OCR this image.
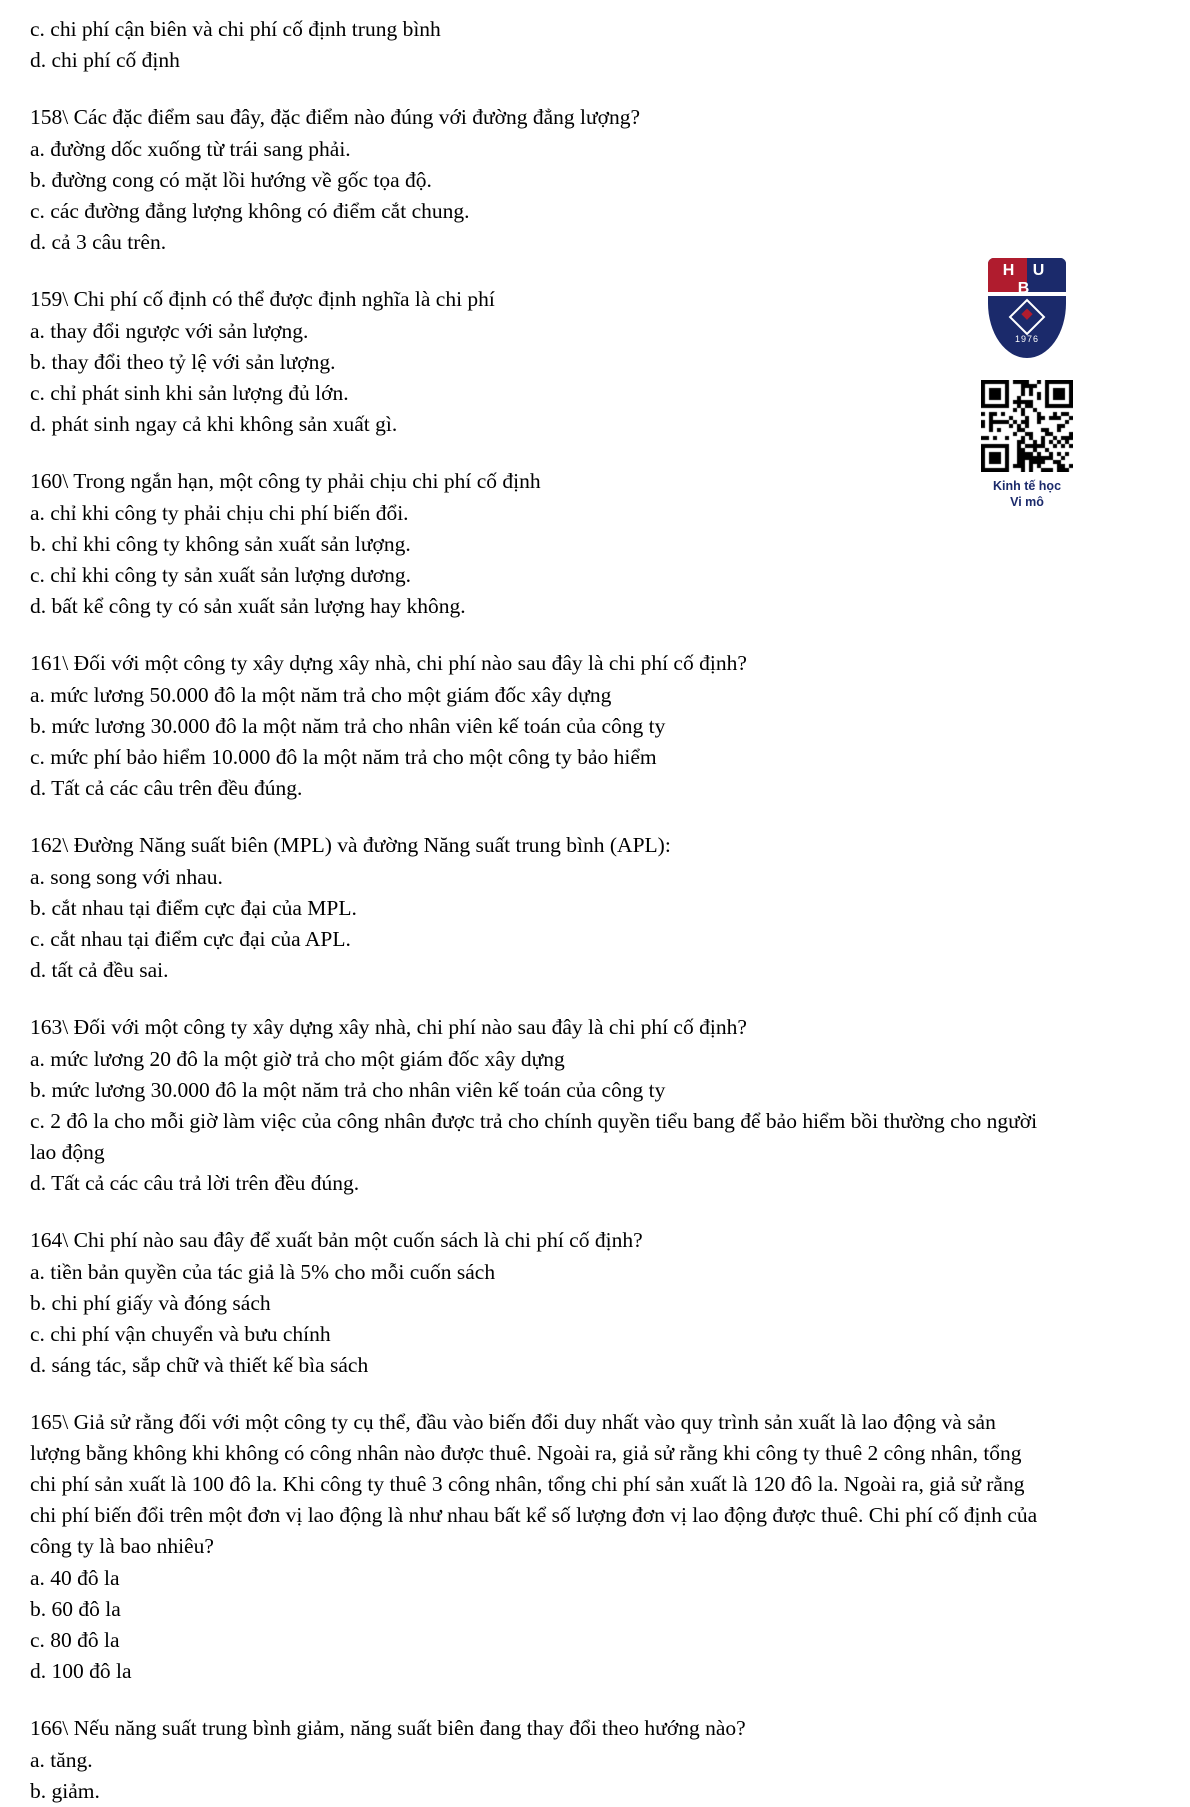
c. chi phí cận biên và chi phí cố định trung bình
d. chi phí cố định
158\ Các đặc điểm sau đây, đặc điểm nào đúng với đường đẳng lượng?
a. đường dốc xuống từ trái sang phải.
b. đường cong có mặt lồi hướng về gốc tọa độ.
c. các đường đẳng lượng không có điểm cắt chung.
d. cả 3 câu trên.
159\ Chi phí cố định có thể được định nghĩa là chi phí
a. thay đổi ngược với sản lượng.
b. thay đổi theo tỷ lệ với sản lượng.
c. chỉ phát sinh khi sản lượng đủ lớn.
d. phát sinh ngay cả khi không sản xuất gì.
160\ Trong ngắn hạn, một công ty phải chịu chi phí cố định
a. chỉ khi công ty phải chịu chi phí biến đổi.
b. chỉ khi công ty không sản xuất sản lượng.
c. chỉ khi công ty sản xuất sản lượng dương.
d. bất kể công ty có sản xuất sản lượng hay không.
161\ Đối với một công ty xây dựng xây nhà, chi phí nào sau đây là chi phí cố định?
a. mức lương 50.000 đô la một năm trả cho một giám đốc xây dựng
b. mức lương 30.000 đô la một năm trả cho nhân viên kế toán của công ty
c. mức phí bảo hiểm 10.000 đô la một năm trả cho một công ty bảo hiểm
d. Tất cả các câu trên đều đúng.
162\ Đường Năng suất biên (MPL) và đường Năng suất trung bình (APL):
a. song song với nhau.
b. cắt nhau tại điểm cực đại của MPL.
c. cắt nhau tại điểm cực đại của APL.
d. tất cả đều sai.
163\ Đối với một công ty xây dựng xây nhà, chi phí nào sau đây là chi phí cố định?
a. mức lương 20 đô la một giờ trả cho một giám đốc xây dựng
b. mức lương 30.000 đô la một năm trả cho nhân viên kế toán của công ty
c. 2 đô la cho mỗi giờ làm việc của công nhân được trả cho chính quyền tiểu bang để bảo hiểm bồi thường cho người lao động
d. Tất cả các câu trả lời trên đều đúng.
164\ Chi phí nào sau đây để xuất bản một cuốn sách là chi phí cố định?
a. tiền bản quyền của tác giả là 5% cho mỗi cuốn sách
b. chi phí giấy và đóng sách
c. chi phí vận chuyển và bưu chính
d. sáng tác, sắp chữ và thiết kế bìa sách
165\ Giả sử rằng đối với một công ty cụ thể, đầu vào biến đổi duy nhất vào quy trình sản xuất là lao động và sản lượng bằng không khi không có công nhân nào được thuê. Ngoài ra, giả sử rằng khi công ty thuê 2 công nhân, tổng chi phí sản xuất là 100 đô la. Khi công ty thuê 3 công nhân, tổng chi phí sản xuất là 120 đô la. Ngoài ra, giả sử rằng chi phí biến đổi trên một đơn vị lao động là như nhau bất kể số lượng đơn vị lao động được thuê. Chi phí cố định của công ty là bao nhiêu?
a. 40 đô la
b. 60 đô la
c. 80 đô la
d. 100 đô la
166\ Nếu năng suất trung bình giảm, năng suất biên đang thay đổi theo hướng nào?
a. tăng.
b. giảm.
H U B
1976
Kinh tế học
Vi mô
